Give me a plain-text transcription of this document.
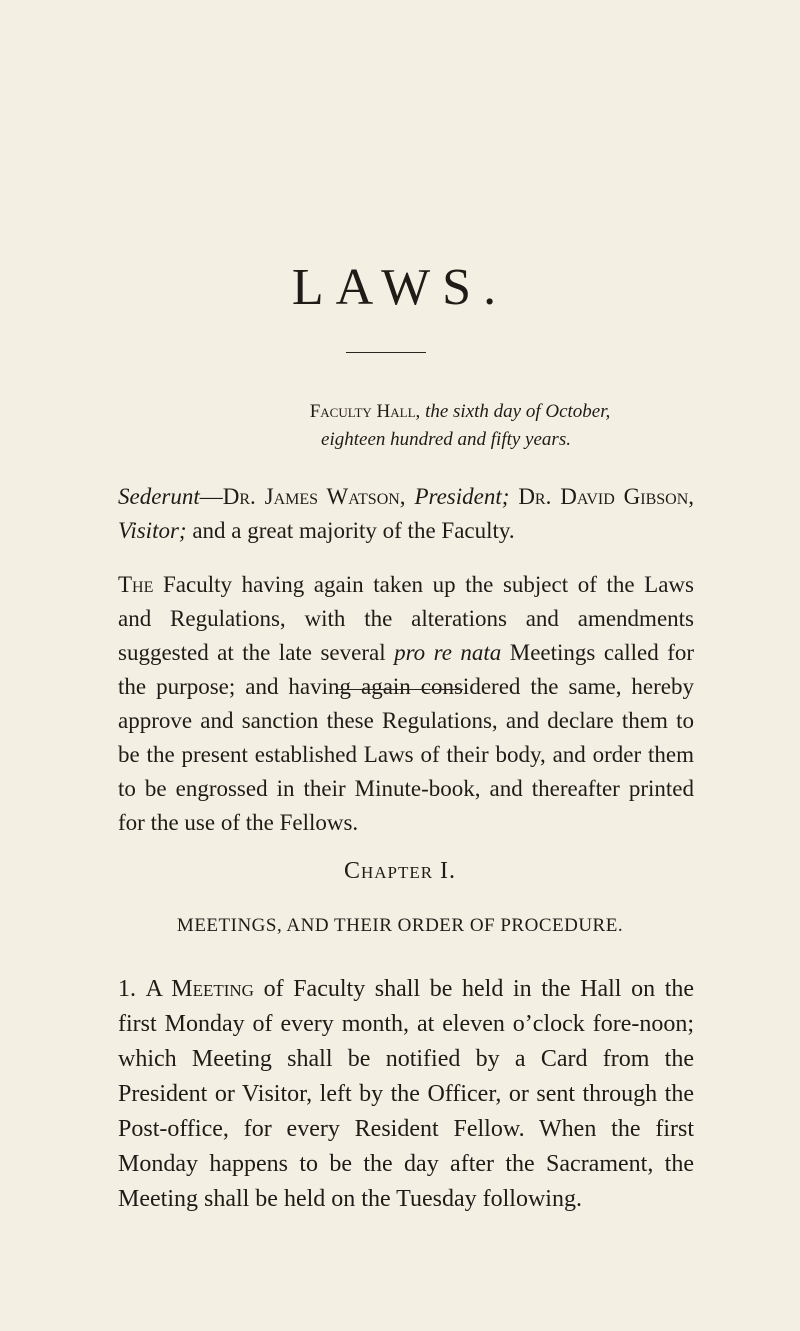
LAWS.
Faculty Hall, the sixth day of October,
eighteen hundred and fifty years.

Sederunt—Dr. James Watson, President; Dr. David Gibson, Visitor; and a great majority of the Faculty.

The Faculty having again taken up the subject of the Laws and Regulations, with the alterations and amendments suggested at the late several pro re nata Meetings called for the purpose; and having again considered the same, hereby approve and sanction these Regulations, and declare them to be the present established Laws of their body, and order them to be engrossed in their Minute-book, and thereafter printed for the use of the Fellows.

Chapter I.
MEETINGS, AND THEIR ORDER OF PROCEDURE.

1. A Meeting of Faculty shall be held in the Hall on the first Monday of every month, at eleven o’clock fore-noon; which Meeting shall be notified by a Card from the President or Visitor, left by the Officer, or sent through the Post-office, for every Resident Fellow. When the first Monday happens to be the day after the Sacrament, the Meeting shall be held on the Tuesday following.
